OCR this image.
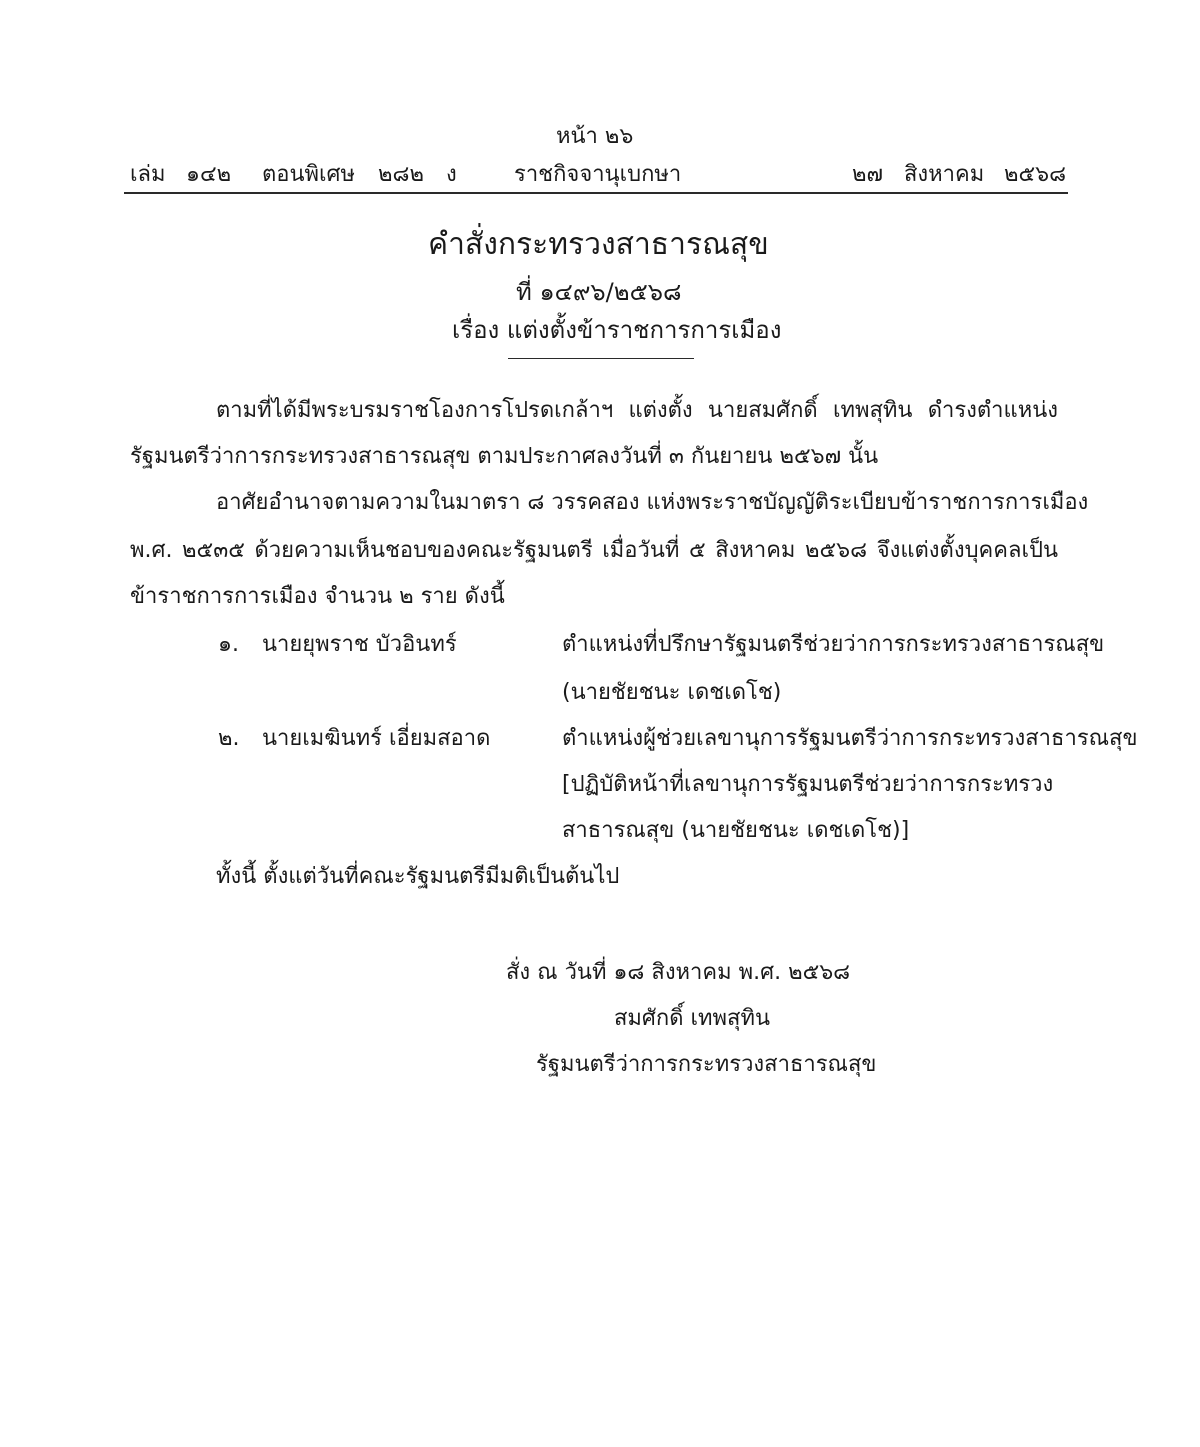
หน้า ๒๖
เล่ม ๑๔๒ ตอนพิเศษ ๒๘๒ ง	ราชกิจจานุเบกษา	๒๗ สิงหาคม ๒๕๖๘
คำสั่งกระทรวงสาธารณสุข
ที่ ๑๔๙๖/๒๕๖๘
เรื่อง แต่งตั้งข้าราชการการเมือง
ตามที่ได้มีพระบรมราชโองการโปรดเกล้าฯ แต่งตั้ง นายสมศักดิ์ เทพสุทิน ดำรงตำแหน่ง
รัฐมนตรีว่าการกระทรวงสาธารณสุข ตามประกาศลงวันที่ ๓ กันยายน ๒๕๖๗ นั้น
อาศัยอำนาจตามความในมาตรา ๘ วรรคสอง แห่งพระราชบัญญัติระเบียบข้าราชการการเมือง
พ.ศ. ๒๕๓๕ ด้วยความเห็นชอบของคณะรัฐมนตรี เมื่อวันที่ ๕ สิงหาคม ๒๕๖๘ จึงแต่งตั้งบุคคลเป็น
ข้าราชการการเมือง จำนวน ๒ ราย ดังนี้
๑. นายยุพราช บัวอินทร์	ตำแหน่งที่ปรึกษารัฐมนตรีช่วยว่าการกระทรวงสาธารณสุข
(นายชัยชนะ เดชเดโช)
๒. นายเมฆินทร์ เอี่ยมสอาด	ตำแหน่งผู้ช่วยเลขานุการรัฐมนตรีว่าการกระทรวงสาธารณสุข
[ปฏิบัติหน้าที่เลขานุการรัฐมนตรีช่วยว่าการกระทรวง
สาธารณสุข (นายชัยชนะ เดชเดโช)]
ทั้งนี้ ตั้งแต่วันที่คณะรัฐมนตรีมีมติเป็นต้นไป
สั่ง ณ วันที่ ๑๘ สิงหาคม พ.ศ. ๒๕๖๘
สมศักดิ์ เทพสุทิน
รัฐมนตรีว่าการกระทรวงสาธารณสุข
